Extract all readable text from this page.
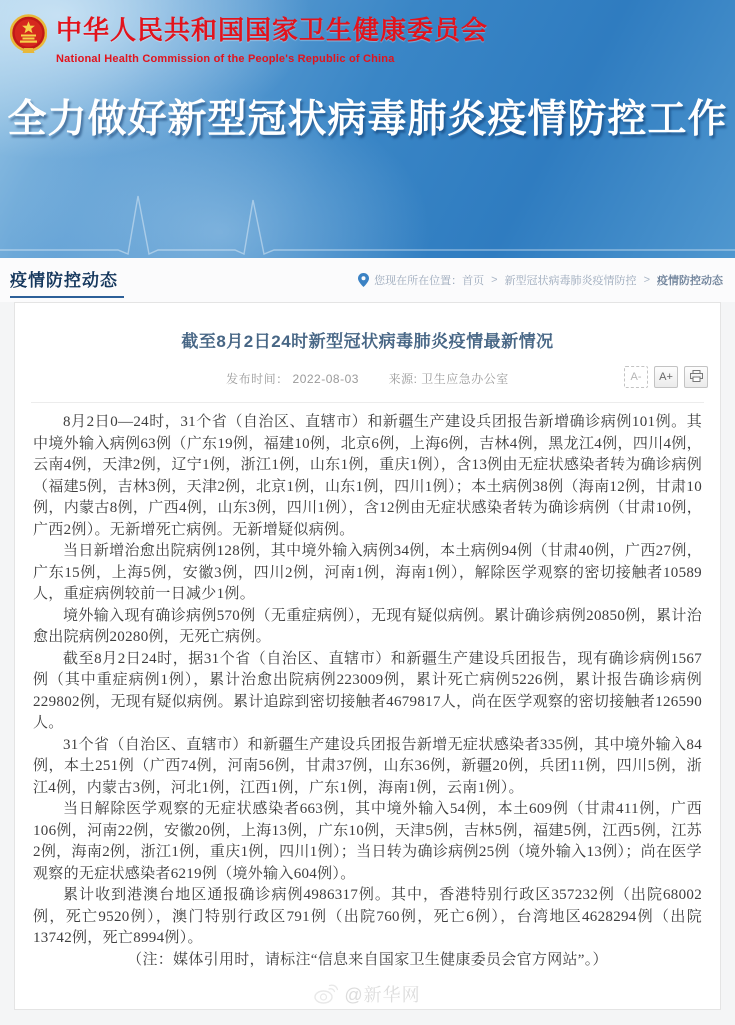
中华人民共和国国家卫生健康委员会
National Health Commission of the People's Republic of China
全力做好新型冠状病毒肺炎疫情防控工作
疫情防控动态	您现在所在位置： 首页 > 新型冠状病毒肺炎疫情防控 > 疫情防控动态
截至8月2日24时新型冠状病毒肺炎疫情最新情况
发布时间： 2022-08-03 来源: 卫生应急办公室	A-	A+

8月2日0—24时，31个省（自治区、直辖市）和新疆生产建设兵团报告新增确诊病例101例。其中境外输入病例63例（广东19例，福建10例，北京6例，上海6例，吉林4例，黑龙江4例，四川4例，云南4例，天津2例，辽宁1例，浙江1例，山东1例，重庆1例），含13例由无症状感染者转为确诊病例（福建5例，吉林3例，天津2例，北京1例，山东1例，四川1例）；本土病例38例（海南12例，甘肃10例，内蒙古8例，广西4例，山东3例，四川1例），含12例由无症状感染者转为确诊病例（甘肃10例，广西2例）。无新增死亡病例。无新增疑似病例。

当日新增治愈出院病例128例，其中境外输入病例34例，本土病例94例（甘肃40例，广西27例，广东15例，上海5例，安徽3例，四川2例，河南1例，海南1例），解除医学观察的密切接触者10589人，重症病例较前一日减少1例。

境外输入现有确诊病例570例（无重症病例），无现有疑似病例。累计确诊病例20850例，累计治愈出院病例20280例，无死亡病例。

截至8月2日24时，据31个省（自治区、直辖市）和新疆生产建设兵团报告，现有确诊病例1567例（其中重症病例1例），累计治愈出院病例223009例，累计死亡病例5226例，累计报告确诊病例229802例，无现有疑似病例。累计追踪到密切接触者4679817人，尚在医学观察的密切接触者126590人。

31个省（自治区、直辖市）和新疆生产建设兵团报告新增无症状感染者335例，其中境外输入84例，本土251例（广西74例，河南56例，甘肃37例，山东36例，新疆20例，兵团11例，四川5例，浙江4例，内蒙古3例，河北1例，江西1例，广东1例，海南1例，云南1例）。

当日解除医学观察的无症状感染者663例，其中境外输入54例，本土609例（甘肃411例，广西106例，河南22例，安徽20例，上海13例，广东10例，天津5例，吉林5例，福建5例，江西5例，江苏2例，海南2例，浙江1例，重庆1例，四川1例）；当日转为确诊病例25例（境外输入13例）；尚在医学观察的无症状感染者6219例（境外输入604例）。

累计收到港澳台地区通报确诊病例4986317例。其中，香港特别行政区357232例（出院68002例，死亡9520例），澳门特别行政区791例（出院760例，死亡6例），台湾地区4628294例（出院13742例，死亡8994例）。

（注：媒体引用时，请标注“信息来自国家卫生健康委员会官方网站”。）

@新华网
